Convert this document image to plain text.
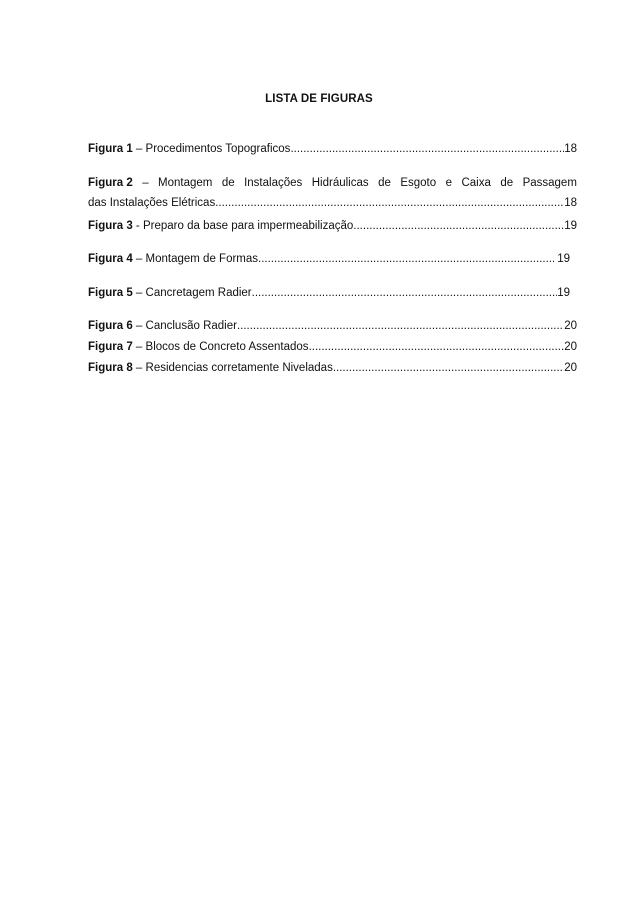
LISTA DE FIGURAS
Figura 1 – Procedimentos Topograficos .....	18
Figura 2 – Montagem de Instalações Hidráulicas de Esgoto e Caixa de Passagem
das Instalações Elétricas .....	18
Figura 3 - Preparo da base para impermeabilização .....	19
Figura 4 – Montagem de Formas .....	19
Figura 5 – Cancretagem Radier .....	19
Figura 6 – Canclusão Radier .....	20
Figura 7 – Blocos de Concreto Assentados .....	20
Figura 8 – Residencias corretamente Niveladas .....	20
